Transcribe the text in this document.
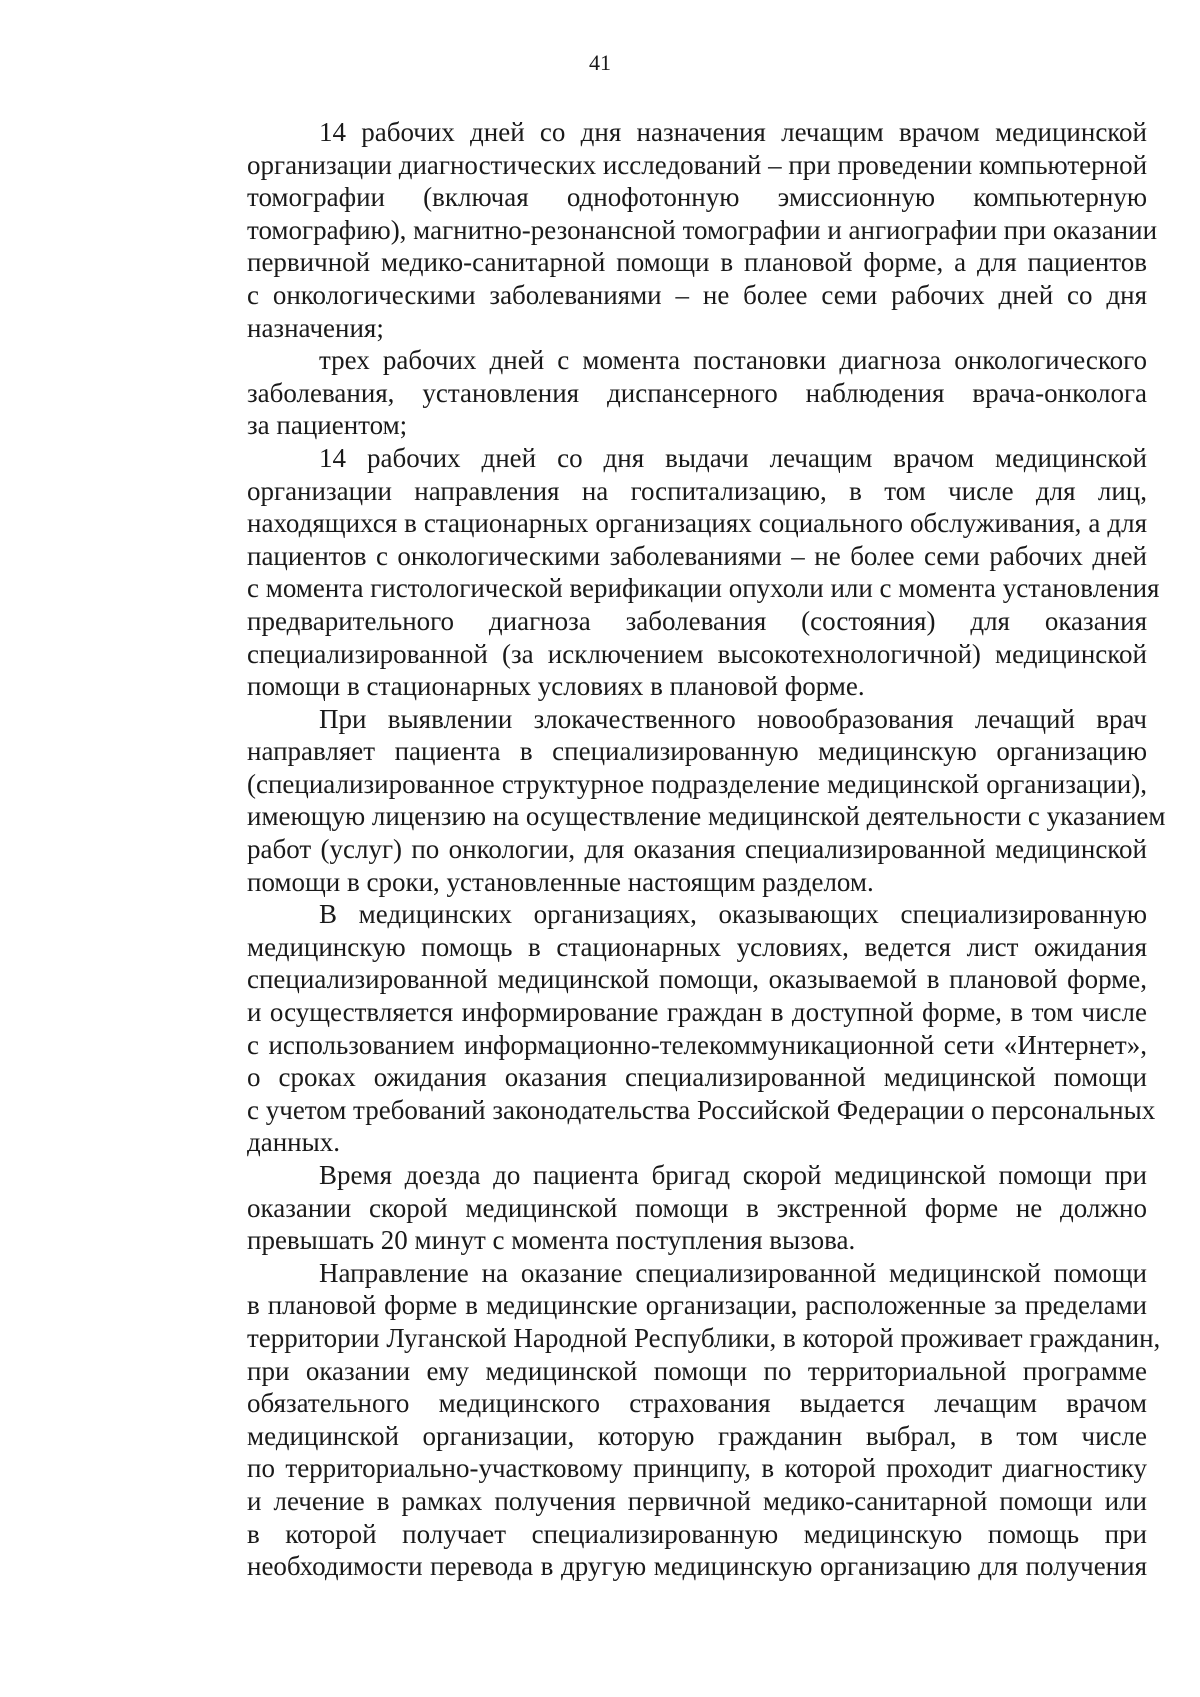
41
14 рабочих дней со дня назначения лечащим врачом медицинской
организации диагностических исследований – при проведении компьютерной
томографии (включая однофотонную эмиссионную компьютерную
томографию), магнитно-резонансной томографии и ангиографии при оказании
первичной медико-санитарной помощи в плановой форме, а для пациентов
с онкологическими заболеваниями – не более семи рабочих дней со дня
назначения;
трех рабочих дней с момента постановки диагноза онкологического
заболевания, установления диспансерного наблюдения врача-онколога
за пациентом;
14 рабочих дней со дня выдачи лечащим врачом медицинской
организации направления на госпитализацию, в том числе для лиц,
находящихся в стационарных организациях социального обслуживания, а для
пациентов с онкологическими заболеваниями – не более семи рабочих дней
с момента гистологической верификации опухоли или с момента установления
предварительного диагноза заболевания (состояния) для оказания
специализированной (за исключением высокотехнологичной) медицинской
помощи в стационарных условиях в плановой форме.
При выявлении злокачественного новообразования лечащий врач
направляет пациента в специализированную медицинскую организацию
(специализированное структурное подразделение медицинской организации),
имеющую лицензию на осуществление медицинской деятельности с указанием
работ (услуг) по онкологии, для оказания специализированной медицинской
помощи в сроки, установленные настоящим разделом.
В медицинских организациях, оказывающих специализированную
медицинскую помощь в стационарных условиях, ведется лист ожидания
специализированной медицинской помощи, оказываемой в плановой форме,
и осуществляется информирование граждан в доступной форме, в том числе
с использованием информационно-телекоммуникационной сети «Интернет»,
о сроках ожидания оказания специализированной медицинской помощи
с учетом требований законодательства Российской Федерации о персональных
данных.
Время доезда до пациента бригад скорой медицинской помощи при
оказании скорой медицинской помощи в экстренной форме не должно
превышать 20 минут с момента поступления вызова.
Направление на оказание специализированной медицинской помощи
в плановой форме в медицинские организации, расположенные за пределами
территории Луганской Народной Республики, в которой проживает гражданин,
при оказании ему медицинской помощи по территориальной программе
обязательного медицинского страхования выдается лечащим врачом
медицинской организации, которую гражданин выбрал, в том числе
по территориально-участковому принципу, в которой проходит диагностику
и лечение в рамках получения первичной медико-санитарной помощи или
в которой получает специализированную медицинскую помощь при
необходимости перевода в другую медицинскую организацию для получения
